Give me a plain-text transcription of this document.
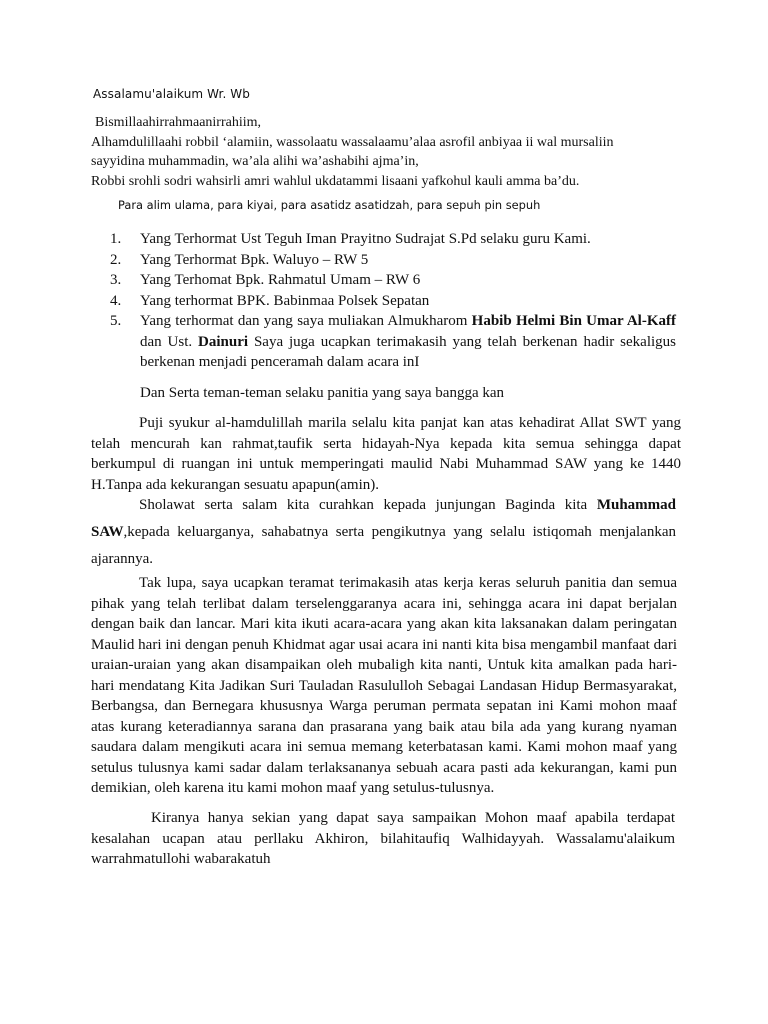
Assalamu'alaikum Wr. Wb

Bismillaahirrahmaanirrahiim,

Alhamdulillaahi robbil ‘alamiin, wassolaatu wassalaamu’alaa asrofil anbiyaa ii wal mursaliin

sayyidina muhammadin, wa’ala alihi wa’ashabihi ajma’in,

Robbi srohli sodri wahsirli amri wahlul ukdatammi lisaani yafkohul kauli amma ba’du.

Para alim ulama, para kiyai, para asatidz asatidzah, para sepuh pin sepuh
1.	Yang Terhormat Ust Teguh Iman Prayitno Sudrajat S.Pd selaku guru Kami.
2.	Yang Terhormat Bpk. Waluyo – RW 5
3.	Yang Terhomat Bpk. Rahmatul Umam – RW 6
4.	Yang terhormat BPK. Babinmaa Polsek Sepatan
5.	Yang terhormat dan yang saya muliakan Almukharom Habib Helmi Bin Umar Al-Kaff dan Ust. Dainuri Saya juga ucapkan terimakasih yang telah berkenan hadir sekaligus berkenan menjadi penceramah dalam acara inI

Dan Serta teman-teman selaku panitia yang saya bangga kan

Puji syukur al-hamdulillah marila selalu kita panjat kan atas kehadirat Allat SWT yang telah mencurah kan rahmat,taufik serta hidayah-Nya kepada kita semua sehingga dapat berkumpul di ruangan ini untuk memperingati maulid Nabi Muhammad SAW yang ke 1440 H.Tanpa ada kekurangan sesuatu apapun(amin).

Sholawat serta salam kita curahkan kepada junjungan Baginda kita Muhammad SAW,kepada keluarganya, sahabatnya serta pengikutnya yang selalu istiqomah menjalankan ajarannya.

Tak lupa, saya ucapkan teramat terimakasih atas kerja keras seluruh panitia dan semua pihak yang telah terlibat dalam terselenggaranya acara ini, sehingga acara ini dapat berjalan dengan baik dan lancar. Mari kita ikuti acara-acara yang akan kita laksanakan dalam peringatan Maulid hari ini dengan penuh Khidmat agar usai acara ini nanti kita bisa mengambil manfaat dari uraian-uraian yang akan disampaikan oleh mubaligh kita nanti, Untuk kita amalkan pada hari-hari mendatang Kita Jadikan Suri Tauladan Rasululloh Sebagai Landasan Hidup Bermasyarakat, Berbangsa, dan Bernegara khususnya Warga peruman permata sepatan ini Kami mohon maaf atas kurang keteradiannya sarana dan prasarana yang baik atau bila ada yang kurang nyaman saudara dalam mengikuti acara ini semua memang keterbatasan kami. Kami mohon maaf yang setulus tulusnya kami sadar dalam terlaksananya sebuah acara pasti ada kekurangan, kami pun demikian, oleh karena itu kami mohon maaf yang setulus-tulusnya.

Kiranya hanya sekian yang dapat saya sampaikan Mohon maaf apabila terdapat kesalahan ucapan atau perllaku Akhiron, bilahitaufiq Walhidayyah. Wassalamu'alaikum warrahmatullohi wabarakatuh
